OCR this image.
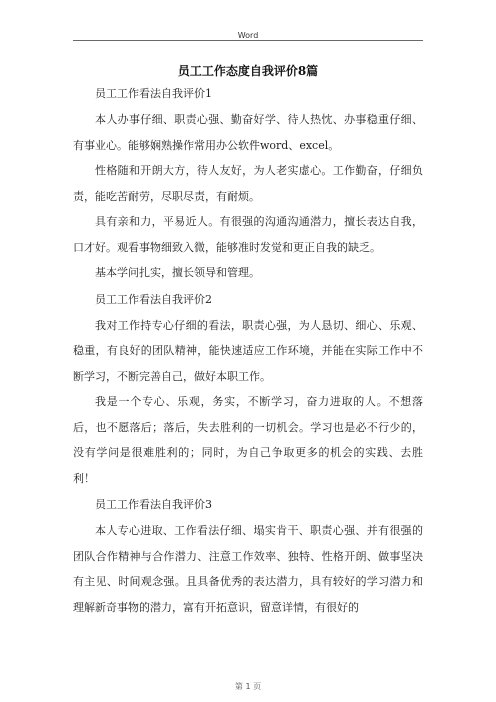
Word
员工工作态度自我评价8篇
员工工作看法自我评价1

本人办事仔细、职责心强、勤奋好学、待人热忱、办事稳重仔细、有事业心。能够娴熟操作常用办公软件word、excel。

性格随和开朗大方，待人友好，为人老实虚心。工作勤奋，仔细负责，能吃苦耐劳，尽职尽责，有耐烦。

具有亲和力，平易近人。有很强的沟通沟通潜力，擅长表达自我，口才好。观看事物细致入微，能够准时发觉和更正自我的缺乏。

基本学问扎实，擅长领导和管理。

员工工作看法自我评价2

我对工作持专心仔细的看法，职责心强，为人恳切、细心、乐观、稳重，有良好的团队精神，能快速适应工作环境，并能在实际工作中不断学习，不断完善自己，做好本职工作。

我是一个专心、乐观，务实，不断学习，奋力进取的人。不想落后，也不愿落后；落后，失去胜利的一切机会。学习也是必不行少的，没有学问是很难胜利的；同时，为自己争取更多的机会的实践、去胜利！

员工工作看法自我评价3

本人专心进取、工作看法仔细、塌实肯干、职责心强、并有很强的团队合作精神与合作潜力、注意工作效率、独特、性格开朗、做事坚决有主见、时间观念强。且具备优秀的表达潜力，具有较好的学习潜力和理解新奇事物的潜力，富有开拓意识，留意详情，有很好的

第 1 页
